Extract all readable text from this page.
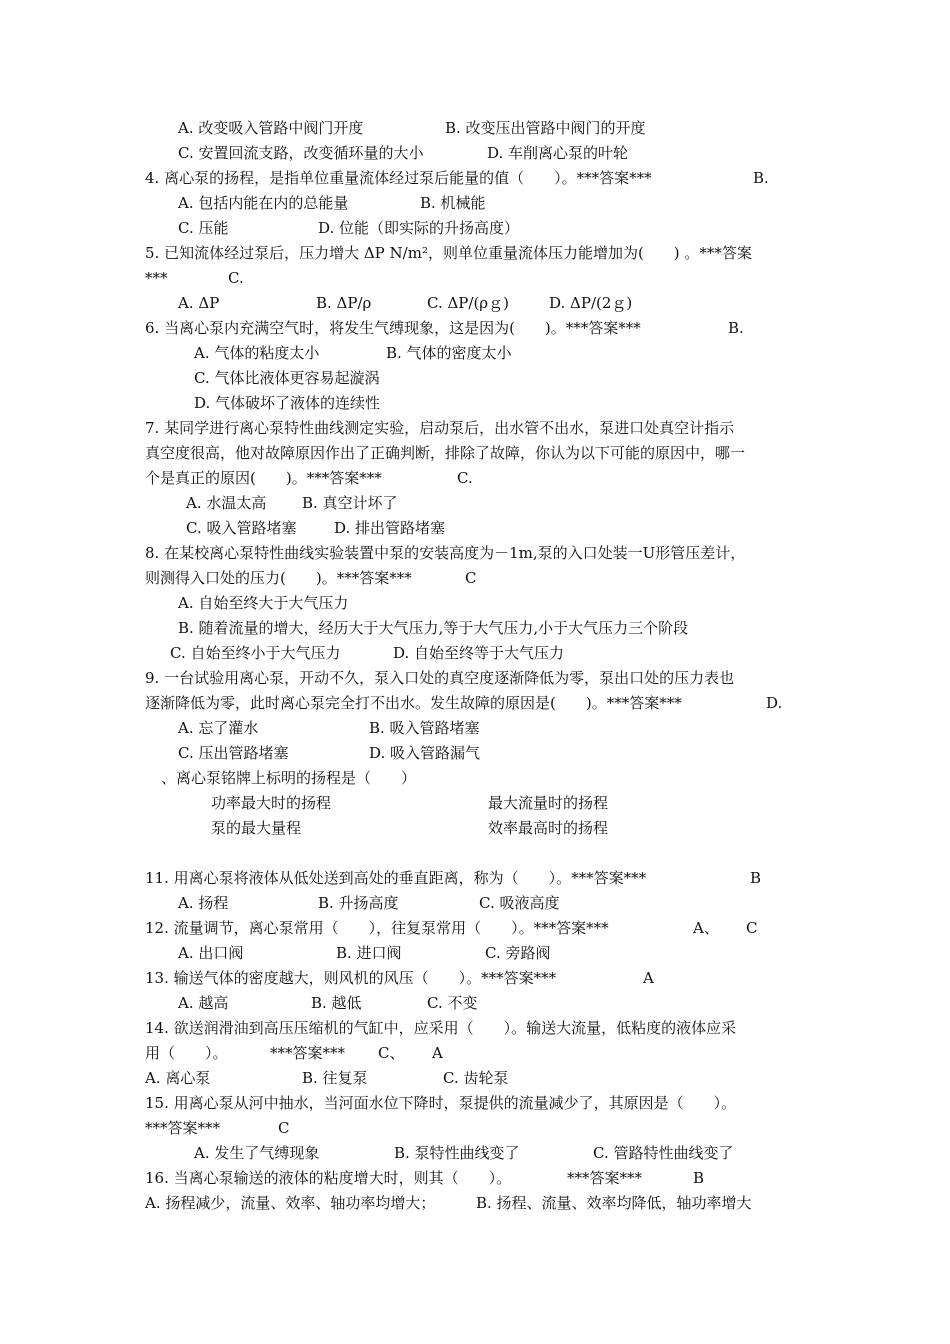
A. 改变吸入管路中阀门开度	B. 改变压出管路中阀门的开度
C. 安置回流支路，改变循环量的大小	D. 车削离心泵的叶轮
4. 离心泵的扬程，是指单位重量流体经过泵后能量的值（　　）。***答案***	B.
A. 包括内能在内的总能量	B. 机械能
C. 压能	D. 位能（即实际的升扬高度）
5. 已知流体经过泵后，压力增大 ΔP N/m²，则单位重量流体压力能增加为(　　) 。***答案
***	C.
A. ΔP	B. ΔP/ρ	C. ΔP/(ρｇ)	D. ΔP/(2ｇ)
6. 当离心泵内充满空气时，将发生气缚现象，这是因为(　　)。***答案***	B.
A. 气体的粘度太小	B. 气体的密度太小
C. 气体比液体更容易起漩涡
D. 气体破坏了液体的连续性
7. 某同学进行离心泵特性曲线测定实验，启动泵后，出水管不出水，泵进口处真空计指示
真空度很高，他对故障原因作出了正确判断，排除了故障，你认为以下可能的原因中，哪一
个是真正的原因(　　)。***答案***	C.
A. 水温太高 B. 真空计坏了
C. 吸入管路堵塞	D. 排出管路堵塞
8. 在某校离心泵特性曲线实验装置中泵的安装高度为－1m,泵的入口处装一U形管压差计，
则测得入口处的压力(　　)。***答案***	C
A. 自始至终大于大气压力
B. 随着流量的增大，经历大于大气压力,等于大气压力,小于大气压力三个阶段
C. 自始至终小于大气压力	D. 自始至终等于大气压力
9. 一台试验用离心泵，开动不久，泵入口处的真空度逐渐降低为零，泵出口处的压力表也
逐渐降低为零，此时离心泵完全打不出水。发生故障的原因是(　　)。***答案***	D.
A. 忘了灌水	B. 吸入管路堵塞
C. 压出管路堵塞	D. 吸入管路漏气
、离心泵铭牌上标明的扬程是（　　）
功率最大时的扬程	最大流量时的扬程
泵的最大量程	效率最高时的扬程
11. 用离心泵将液体从低处送到高处的垂直距离，称为（　　）。***答案***	B
A. 扬程	B. 升扬高度	C. 吸液高度
12. 流量调节，离心泵常用（　　），往复泵常用（　　）。***答案***	A、 C
A. 出口阀	B. 进口阀	C. 旁路阀
13. 输送气体的密度越大，则风机的风压（　　）。***答案***	A
A. 越高	B. 越低	C. 不变
14. 欲送润滑油到高压压缩机的气缸中，应采用（　　）。输送大流量，低粘度的液体应采
用（　　）。	***答案*** C、 A
A. 离心泵	B. 往复泵	C. 齿轮泵
15. 用离心泵从河中抽水，当河面水位下降时，泵提供的流量减少了，其原因是（　　）。
***答案***	C
A. 发生了气缚现象	B. 泵特性曲线变了	C. 管路特性曲线变了
16. 当离心泵输送的液体的粘度增大时，则其（　　）。	***答案***	B
A. 扬程减少，流量、效率、轴功率均增大；	B. 扬程、流量、效率均降低，轴功率增大
